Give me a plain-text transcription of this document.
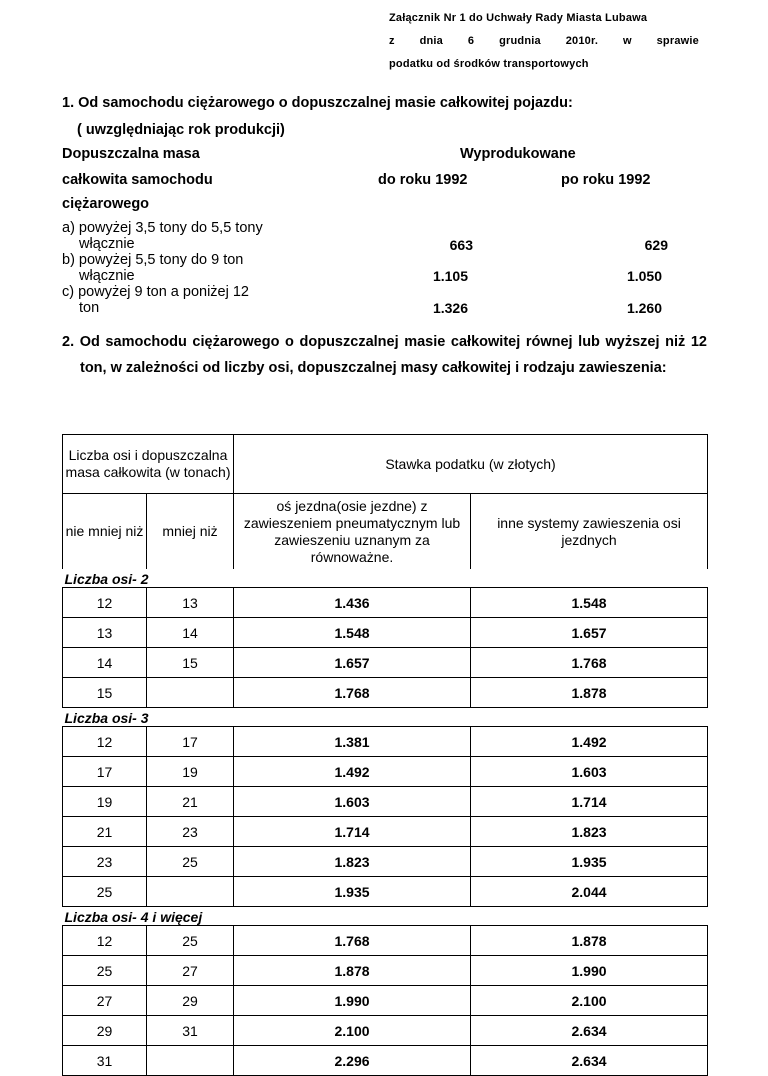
Załącznik Nr 1 do Uchwały Rady Miasta Lubawa
z dnia 6 grudnia 2010r. w sprawie
podatku od środków transportowych
1. Od samochodu ciężarowego o dopuszczalnej masie całkowitej pojazdu:
( uwzględniając rok produkcji)
Dopuszczalna masa
całkowita samochodu
ciężarowego
Wyprodukowane
do roku 1992	po roku 1992
a) powyżej 3,5 tony do 5,5 tony
włącznie	663	629
b) powyżej 5,5 tony do 9 ton
włącznie	1.105	1.050
c) powyżej 9 ton a poniżej 12
ton	1.326	1.260
2. Od samochodu ciężarowego o dopuszczalnej masie całkowitej równej lub wyższej niż 12 ton, w zależności od liczby osi, dopuszczalnej masy całkowitej i rodzaju zawieszenia:
Liczba osi i dopuszczalna masa całkowita (w tonach)		Stawka podatku (w złotych)	
nie mniej niż	mniej niż	oś jezdna(osie jezdne) z zawieszeniem pneumatycznym lub zawieszeniu uznanym za równoważne.	inne systemy zawieszenia osi jezdnych
Liczba osi- 2			
12	13	1.436	1.548
13	14	1.548	1.657
14	15	1.657	1.768
15		1.768	1.878
Liczba osi- 3			
12	17	1.381	1.492
17	19	1.492	1.603
19	21	1.603	1.714
21	23	1.714	1.823
23	25	1.823	1.935
25		1.935	2.044
Liczba osi- 4 i więcej			
12	25	1.768	1.878
25	27	1.878	1.990
27	29	1.990	2.100
29	31	2.100	2.634
31		2.296	2.634
